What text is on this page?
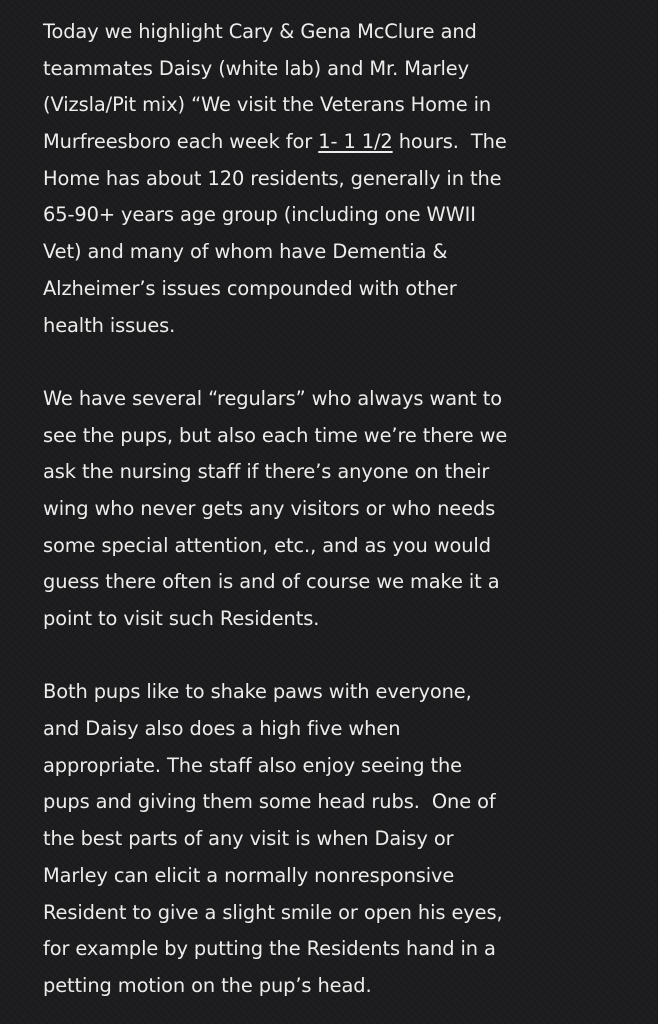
Today we highlight Cary & Gena McClure and
teammates Daisy (white lab) and Mr. Marley
(Vizsla/Pit mix) “We visit the Veterans Home in
Murfreesboro each week for 1- 1 1/2 hours.  The
Home has about 120 residents, generally in the
65-90+ years age group (including one WWII
Vet) and many of whom have Dementia &
Alzheimer’s issues compounded with other
health issues.
We have several “regulars” who always want to
see the pups, but also each time we’re there we
ask the nursing staff if there’s anyone on their
wing who never gets any visitors or who needs
some special attention, etc., and as you would
guess there often is and of course we make it a
point to visit such Residents.
Both pups like to shake paws with everyone,
and Daisy also does a high five when
appropriate. The staff also enjoy seeing the
pups and giving them some head rubs.  One of
the best parts of any visit is when Daisy or
Marley can elicit a normally nonresponsive
Resident to give a slight smile or open his eyes,
for example by putting the Residents hand in a
petting motion on the pup’s head.
